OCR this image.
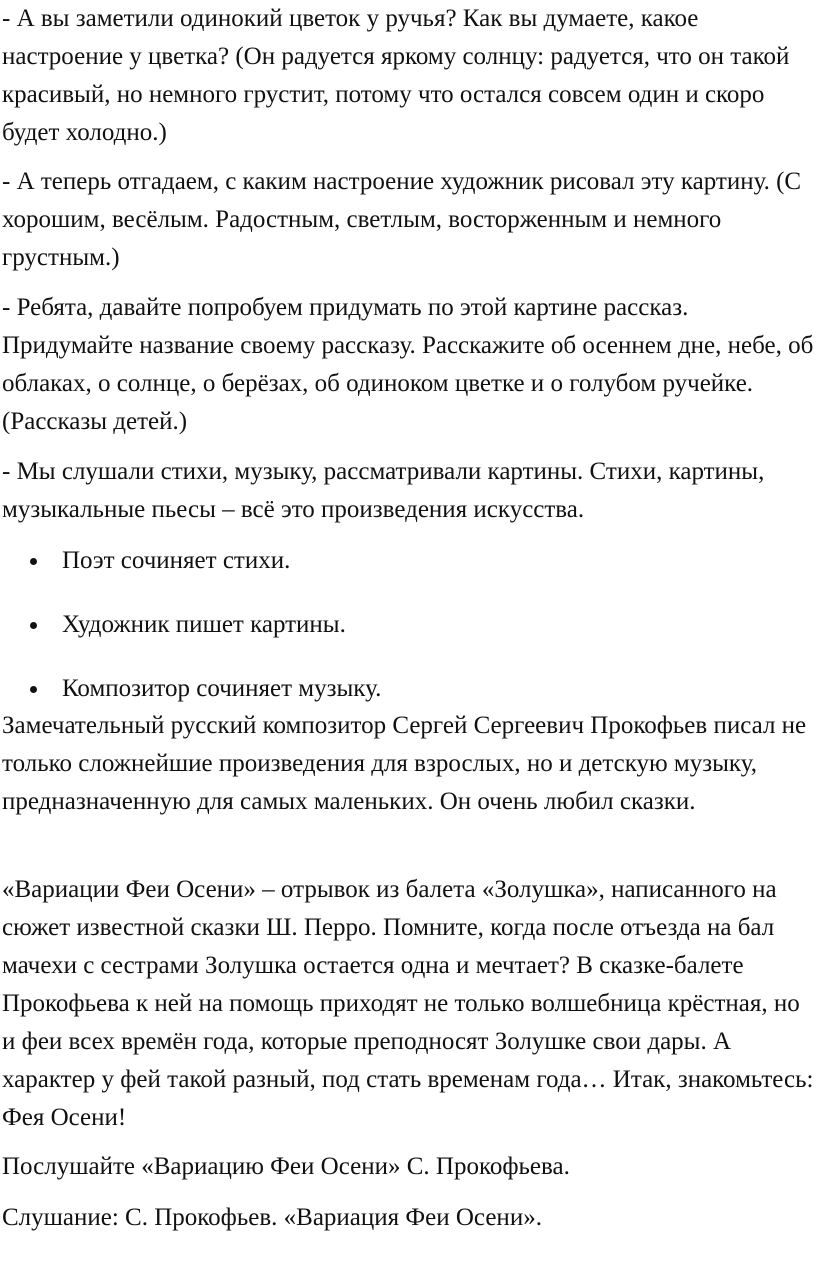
- А вы заметили одинокий цветок у ручья? Как вы думаете, какое настроение у цветка? (Он радуется яркому солнцу: радуется, что он такой красивый, но немного грустит, потому что остался совсем один и скоро будет холодно.)

- А теперь отгадаем, с каким настроение художник рисовал эту картину. (С хорошим, весёлым. Радостным, светлым, восторженным и немного грустным.)

- Ребята, давайте попробуем придумать по этой картине рассказ. Придумайте название своему рассказу. Расскажите об осеннем дне, небе, об облаках, о солнце, о берёзах, об одиноком цветке и о голубом ручейке. (Рассказы детей.)

- Мы слушали стихи, музыку, рассматривали картины. Стихи, картины, музыкальные пьесы – всё это произведения искусства.

Поэт сочиняет стихи.
Художник пишет картины.
Композитор сочиняет музыку.

Замечательный русский композитор Сергей Сергеевич Прокофьев писал не только сложнейшие произведения для взрослых, но и детскую музыку, предназначенную для самых маленьких. Он очень любил сказки.

«Вариации Феи Осени» – отрывок из балета «Золушка», написанного на сюжет известной сказки Ш. Перро. Помните, когда после отъезда на бал мачехи с сестрами Золушка остается одна и мечтает? В сказке-балете Прокофьева к ней на помощь приходят не только волшебница крёстная, но и феи всех времён года, которые преподносят Золушке свои дары. А характер у фей такой разный, под стать временам года… Итак, знакомьтесь: Фея Осени!

Послушайте «Вариацию Феи Осени» С. Прокофьева.

Слушание: С. Прокофьев. «Вариация Феи Осени».
